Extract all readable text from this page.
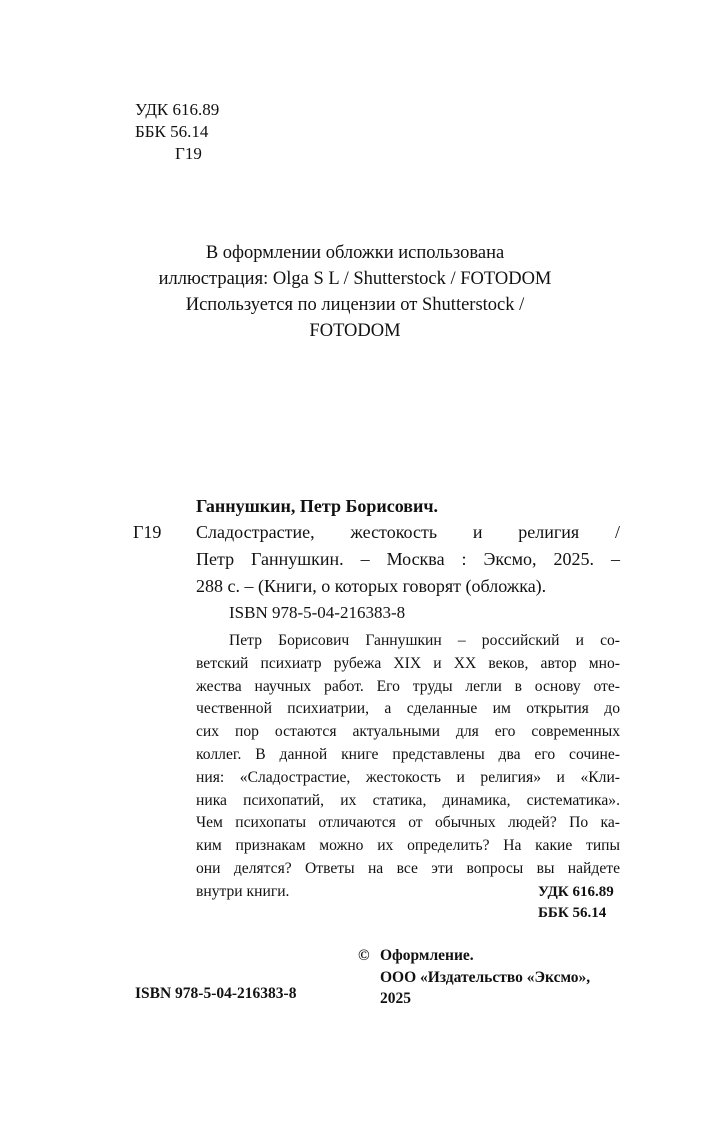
УДК 616.89
ББК 56.14
Г19
В оформлении обложки использована
иллюстрация: Olga S L / Shutterstock / FOTODOM
Используется по лицензии от Shutterstock /
FOTODOM
Ганнушкин, Петр Борисович.
Г19 Сладострастие, жестокость и религия /
Петр Ганнушкин. – Москва : Эксмо, 2025. –
288 с. – (Книги, о которых говорят (обложка).
ISBN 978-5-04-216383-8
Петр Борисович Ганнушкин – российский и со-
ветский психиатр рубежа XIX и XX веков, автор мно-
жества научных работ. Его труды легли в основу оте-
чественной психиатрии, а сделанные им открытия до
сих пор остаются актуальными для его современных
коллег. В данной книге представлены два его сочине-
ния: «Сладострастие, жестокость и религия» и «Кли-
ника психопатий, их статика, динамика, систематика».
Чем психопаты отличаются от обычных людей? По ка-
ким признакам можно их определить? На какие типы
они делятся? Ответы на все эти вопросы вы найдете
внутри книги.	УДК 616.89
ББК 56.14
© Оформление.
ООО «Издательство «Эксмо»,
2025
ISBN 978-5-04-216383-8
